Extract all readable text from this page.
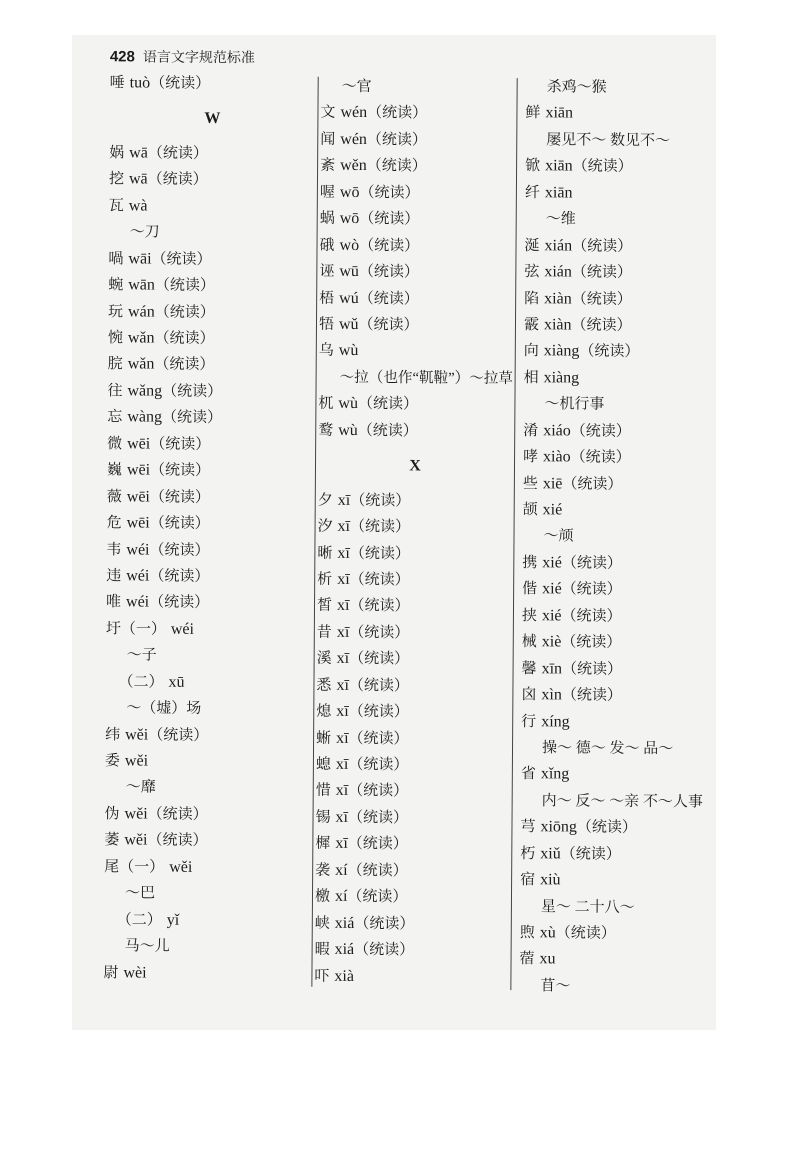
428 语言文字规范标准
唾 tuò（统读）
W
娲 wā（统读）
挖 wā（统读）
瓦 wà
～刀
喎 wāi（统读）
蜿 wān（统读）
玩 wán（统读）
惋 wǎn（统读）
脘 wǎn（统读）
往 wǎng（统读）
忘 wàng（统读）
微 wēi（统读）
巍 wēi（统读）
薇 wēi（统读）
危 wēi（统读）
韦 wéi（统读）
违 wéi（统读）
唯 wéi（统读）
圩（一） wéi
～子
（二） xū
～（墟）场
纬 wěi（统读）
委 wěi
～靡
伪 wěi（统读）
萎 wěi（统读）
尾（一） wěi
～巴
（二） yǐ
马～儿
尉 wèi
～官
文 wén（统读）
闻 wén（统读）
紊 wěn（统读）
喔 wō（统读）
蜗 wō（统读）
硪 wò（统读）
诬 wū（统读）
梧 wú（统读）
牾 wǔ（统读）
乌 wù
～拉（也作“靰鞡”）～拉草
杌 wù（统读）
鹜 wù（统读）
X
夕 xī（统读）
汐 xī（统读）
晰 xī（统读）
析 xī（统读）
皙 xī（统读）
昔 xī（统读）
溪 xī（统读）
悉 xī（统读）
熄 xī（统读）
蜥 xī（统读）
螅 xī（统读）
惜 xī（统读）
锡 xī（统读）
樨 xī（统读）
袭 xí（统读）
檄 xí（统读）
峡 xiá（统读）
暇 xiá（统读）
吓 xià
杀鸡～猴
鲜 xiān
屡见不～ 数见不～
锨 xiān（统读）
纤 xiān
～维
涎 xián（统读）
弦 xián（统读）
陷 xiàn（统读）
霰 xiàn（统读）
向 xiàng（统读）
相 xiàng
～机行事
淆 xiáo（统读）
哮 xiào（统读）
些 xiē（统读）
颉 xié
～颃
携 xié（统读）
偕 xié（统读）
挟 xié（统读）
械 xiè（统读）
馨 xīn（统读）
囟 xìn（统读）
行 xíng
操～ 德～ 发～ 品～
省 xǐng
内～ 反～ ～亲 不～人事
芎 xiōng（统读）
朽 xiǔ（统读）
宿 xiù
星～ 二十八～
煦 xù（统读）
蓿 xu
苜～
